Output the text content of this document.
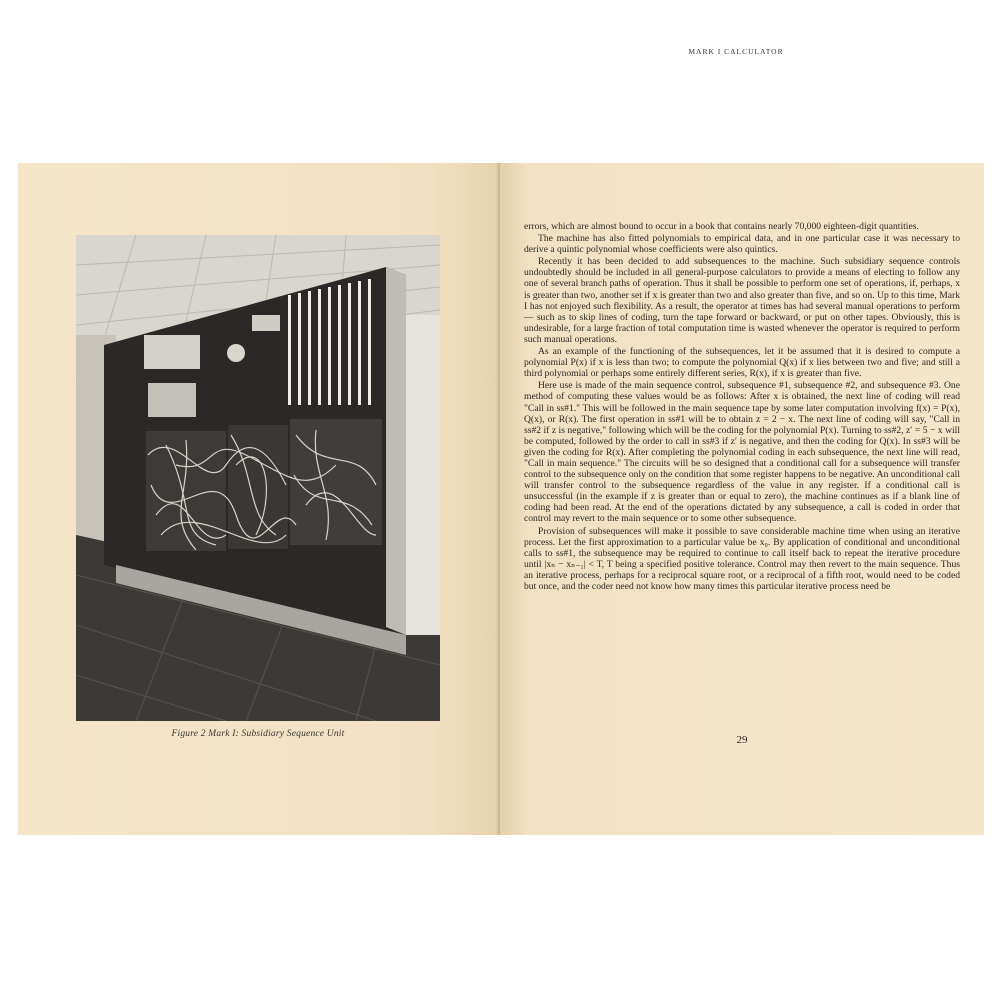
Figure 2 Mark I: Subsidiary Sequence Unit

errors, which are almost bound to occur in a book that contains nearly 70,000 eighteen-digit quantities.

The machine has also fitted polynomials to empirical data, and in one particular case it was necessary to derive a quintic polynomial whose coefficients were also quintics.

Recently it has been decided to add subsequences to the machine. Such subsidiary sequence controls undoubtedly should be included in all general-purpose calculators to provide a means of electing to follow any one of several branch paths of operation. Thus it shall be possible to perform one set of operations, if, perhaps, x is greater than two, another set if x is greater than two and also greater than five, and so on. Up to this time, Mark I has not enjoyed such flexibility. As a result, the operator at times has had several manual operations to perform — such as to skip lines of coding, turn the tape forward or backward, or put on other tapes. Obviously, this is undesirable, for a large fraction of total computation time is wasted whenever the operator is required to perform such manual operations.

As an example of the functioning of the subsequences, let it be assumed that it is desired to compute a polynomial P(x) if x is less than two; to compute the polynomial Q(x) if x lies between two and five; and still a third polynomial or perhaps some entirely different series, R(x), if x is greater than five.

Here use is made of the main sequence control, subsequence #1, subsequence #2, and subsequence #3. One method of computing these values would be as follows: After x is obtained, the next line of coding will read "Call in ss#1." This will be followed in the main sequence tape by some later computation involving f(x) = P(x), Q(x), or R(x). The first operation in ss#1 will be to obtain z = 2 − x. The next line of coding will say, "Call in ss#2 if z is negative," following which will be the coding for the polynomial P(x). Turning to ss#2, z′ = 5 − x will be computed, followed by the order to call in ss#3 if z′ is negative, and then the coding for Q(x). In ss#3 will be given the coding for R(x). After completing the polynomial coding in each subsequence, the next line will read, "Call in main sequence." The circuits will be so designed that a conditional call for a subsequence will transfer control to the subsequence only on the condition that some register happens to be negative. An unconditional call will transfer control to the subsequence regardless of the value in any register. If a conditional call is unsuccessful (in the example if z is greater than or equal to zero), the machine continues as if a blank line of coding had been read. At the end of the operations dictated by any subsequence, a call is coded in order that control may revert to the main sequence or to some other subsequence.

Provision of subsequences will make it possible to save considerable machine time when using an iterative process. Let the first approximation to a particular value be x₀. By application of conditional and unconditional calls to ss#1, the subsequence may be required to continue to call itself back to repeat the iterative procedure until |xₙ − xₙ₋₁| < T, T being a specified positive tolerance. Control may then revert to the main sequence. Thus an iterative process, perhaps for a reciprocal square root, or a reciprocal of a fifth root, would need to be coded but once, and the coder need not know how many times this particular iterative process need be

29
MARK I CALCULATOR
